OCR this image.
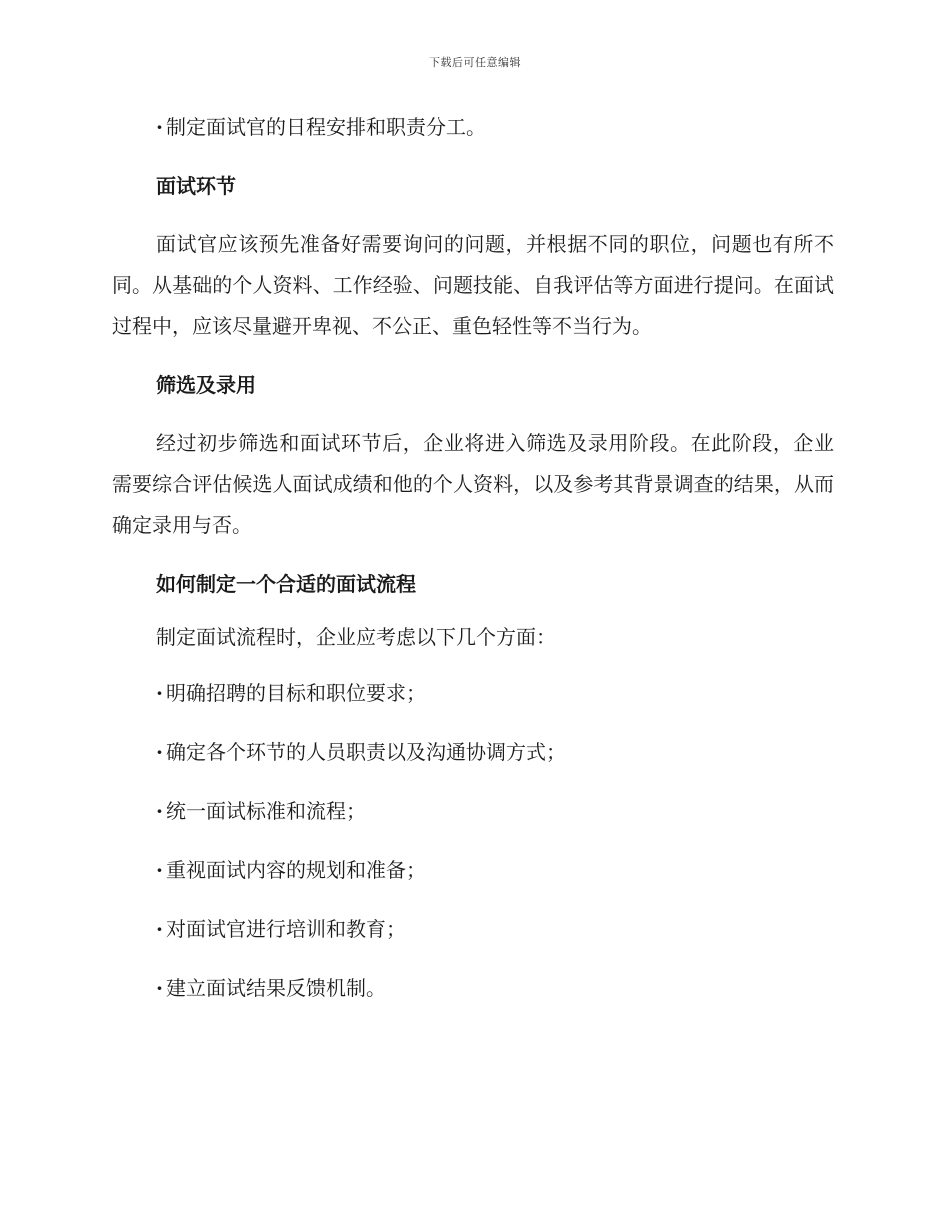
下载后可任意编辑
· 制定面试官的日程安排和职责分工。
面试环节
面试官应该预先准备好需要询问的问题，并根据不同的职位，问题也有所不同。从基础的个人资料、工作经验、问题技能、自我评估等方面进行提问。在面试过程中，应该尽量避开卑视、不公正、重色轻性等不当行为。
筛选及录用
经过初步筛选和面试环节后，企业将进入筛选及录用阶段。在此阶段，企业需要综合评估候选人面试成绩和他的个人资料，以及参考其背景调查的结果，从而确定录用与否。
如何制定一个合适的面试流程
制定面试流程时，企业应考虑以下几个方面：
· 明确招聘的目标和职位要求；
· 确定各个环节的人员职责以及沟通协调方式；
· 统一面试标准和流程；
· 重视面试内容的规划和准备；
· 对面试官进行培训和教育；
· 建立面试结果反馈机制。
